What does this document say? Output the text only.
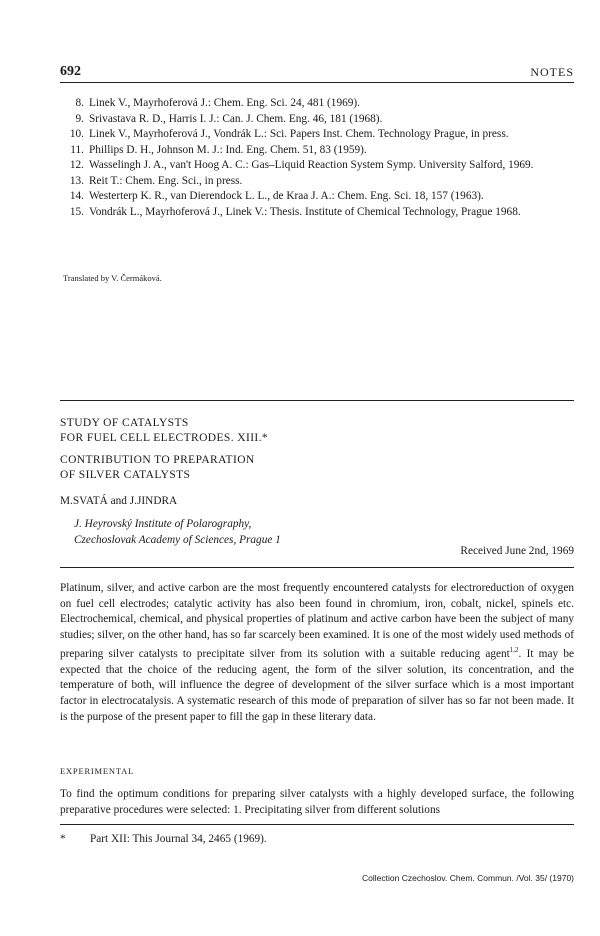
692	NOTES
8. Linek V., Mayrhoferová J.: Chem. Eng. Sci. 24, 481 (1969).
9. Srivastava R. D., Harris I. J.: Can. J. Chem. Eng. 46, 181 (1968).
10. Linek V., Mayrhoferová J., Vondrák L.: Sci. Papers Inst. Chem. Technology Prague, in press.
11. Phillips D. H., Johnson M. J.: Ind. Eng. Chem. 51, 83 (1959).
12. Wasselingh J. A., van't Hoog A. C.: Gas–Liquid Reaction System Symp. University Salford, 1969.
13. Reit T.: Chem. Eng. Sci., in press.
14. Westerterp K. R., van Dierendock L. L., de Kraa J. A.: Chem. Eng. Sci. 18, 157 (1963).
15. Vondrák L., Mayrhoferová J., Linek V.: Thesis. Institute of Chemical Technology, Prague 1968.
Translated by V. Čermáková.
STUDY OF CATALYSTS
FOR FUEL CELL ELECTRODES. XIII.*
CONTRIBUTION TO PREPARATION
OF SILVER CATALYSTS
M.SVATÁ and J.JINDRA
J. Heyrovský Institute of Polarography,
Czechoslovak Academy of Sciences, Prague 1
Received June 2nd, 1969
Platinum, silver, and active carbon are the most frequently encountered catalysts for electroreduction of oxygen on fuel cell electrodes; catalytic activity has also been found in chromium, iron, cobalt, nickel, spinels etc. Electrochemical, chemical, and physical properties of platinum and active carbon have been the subject of many studies; silver, on the other hand, has so far scarcely been examined. It is one of the most widely used methods of preparing silver catalysts to precipitate silver from its solution with a suitable reducing agent$^{1,2}$. It may be expected that the choice of the reducing agent, the form of the silver solution, its concentration, and the temperature of both, will influence the degree of development of the silver surface which is a most important factor in electrocatalysis. A systematic research of this mode of preparation of silver has so far not been made. It is the purpose of the present paper to fill the gap in these literary data.
EXPERIMENTAL
To find the optimum conditions for preparing silver catalysts with a highly developed surface, the following preparative procedures were selected: 1. Precipitating silver from different solutions
*	Part XII: This Journal 34, 2465 (1969).
Collection Czechoslov. Chem. Commun. /Vol. 35/ (1970)
